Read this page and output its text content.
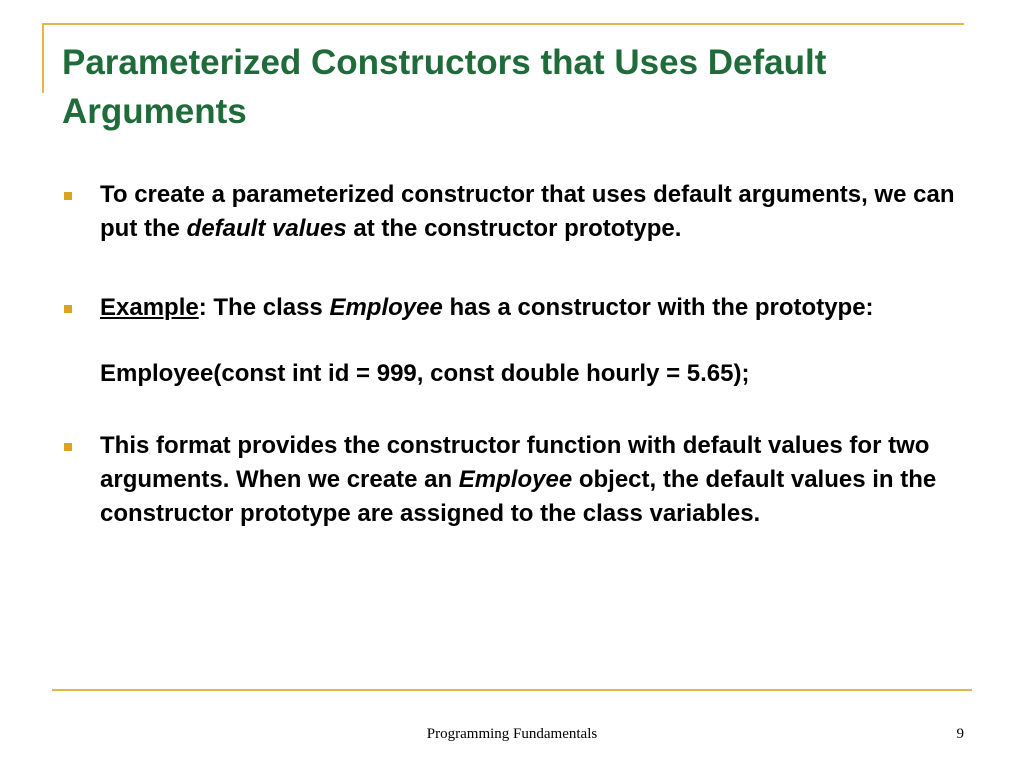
Parameterized Constructors that Uses Default Arguments
To create a parameterized constructor that uses default arguments, we can put the default values at the constructor prototype.
Example: The class Employee has a constructor with the prototype:
Employee(const int id = 999, const double hourly = 5.65);
This format provides the constructor function with default values for two arguments. When we create an Employee object, the default values in the constructor prototype are assigned to the class variables.
Programming Fundamentals	9
